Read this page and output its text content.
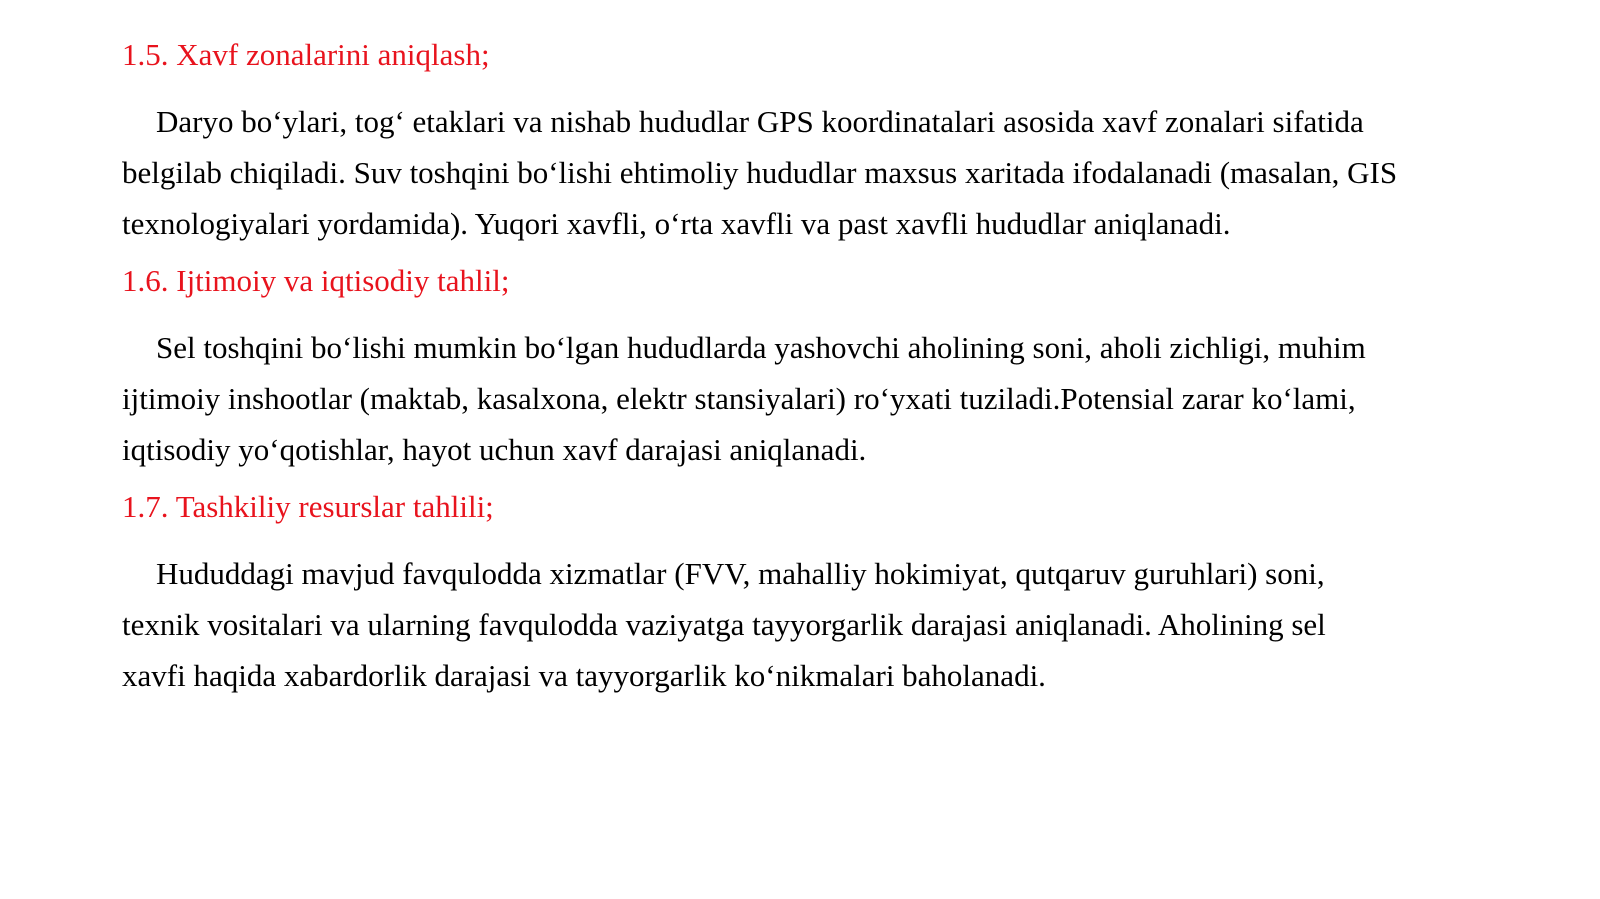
1.5. Xavf zonalarini aniqlash;

Daryo bo‘ylari, tog‘ etaklari va nishab hududlar GPS koordinatalari asosida xavf zonalari sifatida
belgilab chiqiladi. Suv toshqini bo‘lishi ehtimoliy hududlar maxsus xaritada ifodalanadi (masalan, GIS
texnologiyalari yordamida). Yuqori xavfli, o‘rta xavfli va past xavfli hududlar aniqlanadi.

1.6. Ijtimoiy va iqtisodiy tahlil;

Sel toshqini bo‘lishi mumkin bo‘lgan hududlarda yashovchi aholining soni, aholi zichligi, muhim
ijtimoiy inshootlar (maktab, kasalxona, elektr stansiyalari) ro‘yxati tuziladi.Potensial zarar ko‘lami,
iqtisodiy yo‘qotishlar, hayot uchun xavf darajasi aniqlanadi.

1.7. Tashkiliy resurslar tahlili;

Hududdagi mavjud favqulodda xizmatlar (FVV, mahalliy hokimiyat, qutqaruv guruhlari) soni,
texnik vositalari va ularning favqulodda vaziyatga tayyorgarlik darajasi aniqlanadi. Aholining sel
xavfi haqida xabardorlik darajasi va tayyorgarlik ko‘nikmalari baholanadi.
